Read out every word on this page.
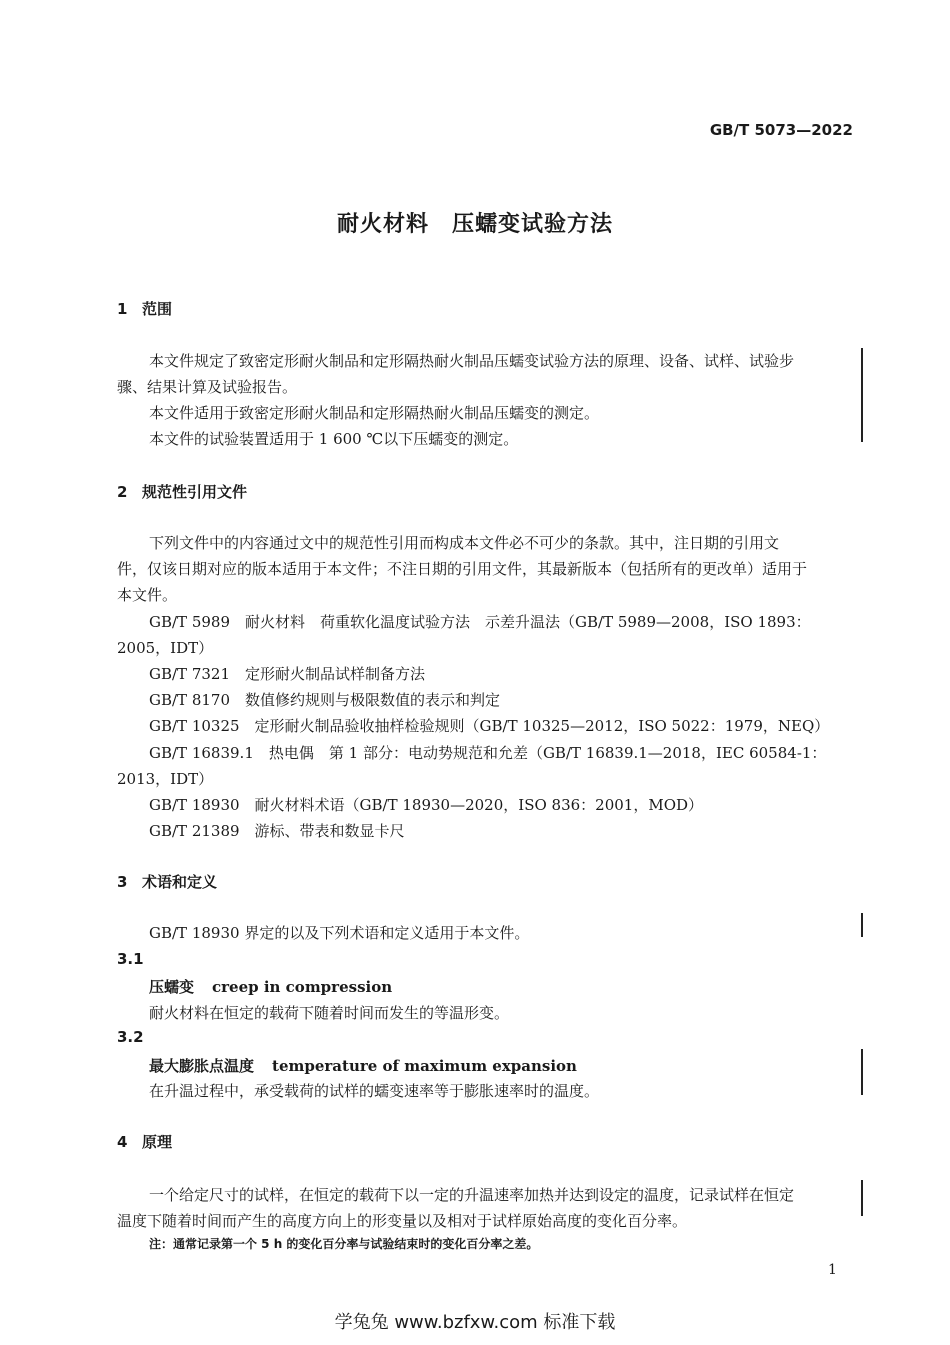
GB/T 5073—2022
耐火材料　压蠕变试验方法
1 范围
本文件规定了致密定形耐火制品和定形隔热耐火制品压蠕变试验方法的原理、设备、试样、试验步
骤、结果计算及试验报告。
本文件适用于致密定形耐火制品和定形隔热耐火制品压蠕变的测定。
本文件的试验装置适用于 1 600 ℃以下压蠕变的测定。
2 规范性引用文件
下列文件中的内容通过文中的规范性引用而构成本文件必不可少的条款。其中，注日期的引用文
件，仅该日期对应的版本适用于本文件；不注日期的引用文件，其最新版本（包括所有的更改单）适用于
本文件。
GB/T 5989　耐火材料　荷重软化温度试验方法　示差升温法（GB/T 5989—2008，ISO 1893：
2005，IDT）
GB/T 7321　定形耐火制品试样制备方法
GB/T 8170　数值修约规则与极限数值的表示和判定
GB/T 10325　定形耐火制品验收抽样检验规则（GB/T 10325—2012，ISO 5022：1979，NEQ）
GB/T 16839.1　热电偶　第 1 部分：电动势规范和允差（GB/T 16839.1—2018，IEC 60584-1：
2013，IDT）
GB/T 18930　耐火材料术语（GB/T 18930—2020，ISO 836：2001，MOD）
GB/T 21389　游标、带表和数显卡尺
3 术语和定义
GB/T 18930 界定的以及下列术语和定义适用于本文件。
3.1
压蠕变 creep in compression
耐火材料在恒定的载荷下随着时间而发生的等温形变。
3.2
最大膨胀点温度 temperature of maximum expansion
在升温过程中，承受载荷的试样的蠕变速率等于膨胀速率时的温度。
4 原理
一个给定尺寸的试样，在恒定的载荷下以一定的升温速率加热并达到设定的温度，记录试样在恒定
温度下随着时间而产生的高度方向上的形变量以及相对于试样原始高度的变化百分率。
注：通常记录第一个 5 h 的变化百分率与试验结束时的变化百分率之差。
1
学兔兔 www.bzfxw.com 标准下载
